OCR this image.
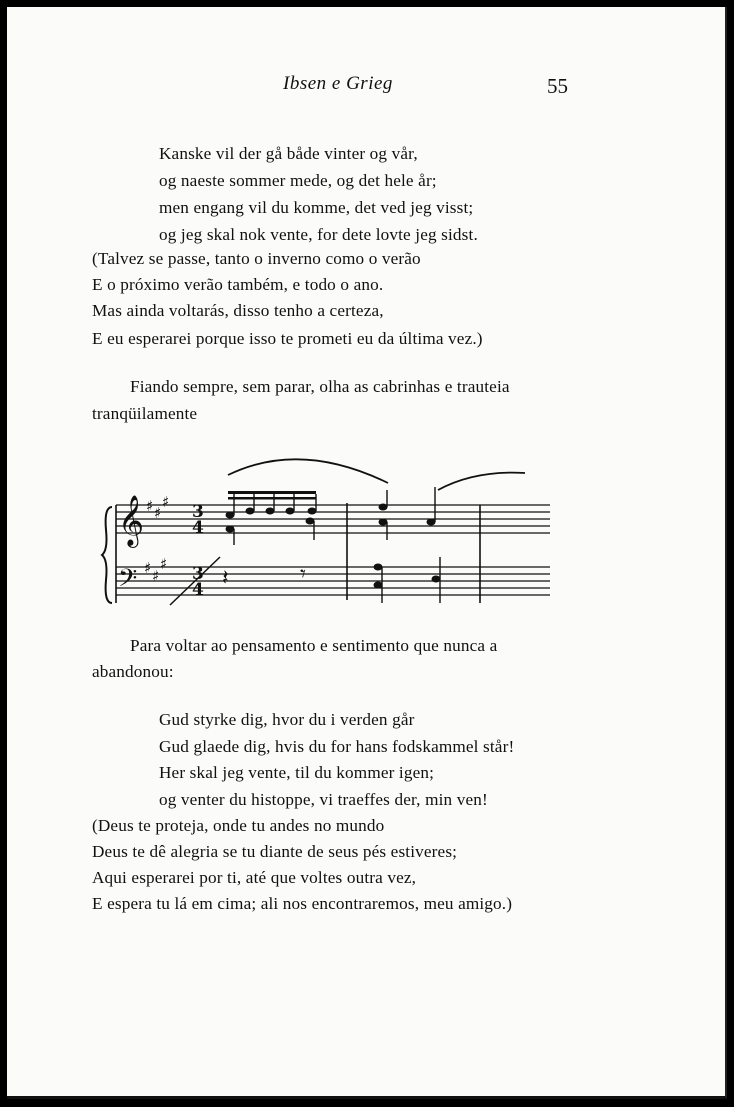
Ibsen e Grieg	55
Kanske vil der gå både vinter og vår,
og naeste sommer mede, og det hele år;
men engang vil du komme, det ved jeg visst;
og jeg skal nok vente, for dete lovte jeg sidst.
(Talvez se passe, tanto o inverno como o verão
E o próximo verão também, e todo o ano.
Mas ainda voltarás, disso tenho a certeza,
E eu esperarei porque isso te prometi eu da última vez.)
Fiando sempre, sem parar, olha as cabrinhas e trauteia
tranqüilamente
𝄞
𝄢
♯ ♯
♯
♯ ♯
♯
3
4
3
4
𝄾
𝄽
Para voltar ao pensamento e sentimento que nunca a
abandonou:
Gud styrke dig, hvor du i verden går
Gud glaede dig, hvis du for hans fodskammel står!
Her skal jeg vente, til du kommer igen;
og venter du histoppe, vi traeffes der, min ven!
(Deus te proteja, onde tu andes no mundo
Deus te dê alegria se tu diante de seus pés estiveres;
Aqui esperarei por ti, até que voltes outra vez,
E espera tu lá em cima; ali nos encontraremos, meu amigo.)
